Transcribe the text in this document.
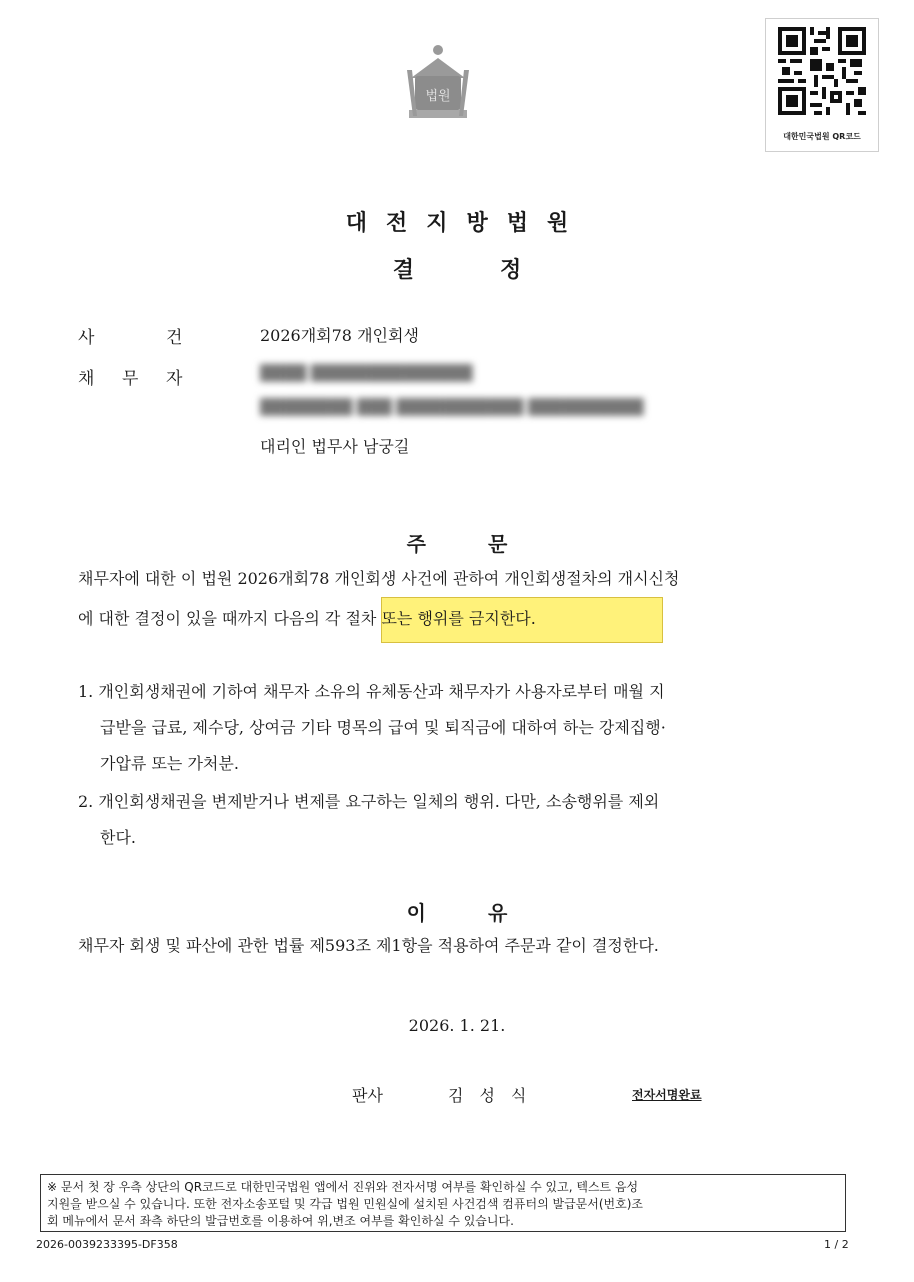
법원
대한민국법원 QR코드
대전지방법원
결	정
사	건	2026개회78 개인회생
채 무 자	████ ██████████████
████████ ███ ███████████ ██████████
대리인 법무사 남궁길
주	문
채무자에 대한 이 법원 2026개회78 개인회생 사건에 관하여 개인회생절차의 개시신청
에 대한 결정이 있을 때까지 다음의 각 절차 또는 행위를 금지한다.
1. 개인회생채권에 기하여 채무자 소유의 유체동산과 채무자가 사용자로부터 매월 지
급받을 급료, 제수당, 상여금 기타 명목의 급여 및 퇴직금에 대하여 하는 강제집행·
가압류 또는 가처분.
2. 개인회생채권을 변제받거나 변제를 요구하는 일체의 행위. 다만, 소송행위를 제외
한다.
이	유
채무자 회생 및 파산에 관한 법률 제593조 제1항을 적용하여 주문과 같이 결정한다.
2026. 1. 21.
판사	김성식	전자서명완료
※ 문서 첫 장 우측 상단의 QR코드로 대한민국법원 앱에서 진위와 전자서명 여부를 확인하실 수 있고, 텍스트 음성
지원을 받으실 수 있습니다. 또한 전자소송포털 및 각급 법원 민원실에 설치된 사건검색 컴퓨터의 발급문서(번호)조
회 메뉴에서 문서 좌측 하단의 발급번호를 이용하여 위,변조 여부를 확인하실 수 있습니다.
2026-0039233395-DF358	1 / 2
